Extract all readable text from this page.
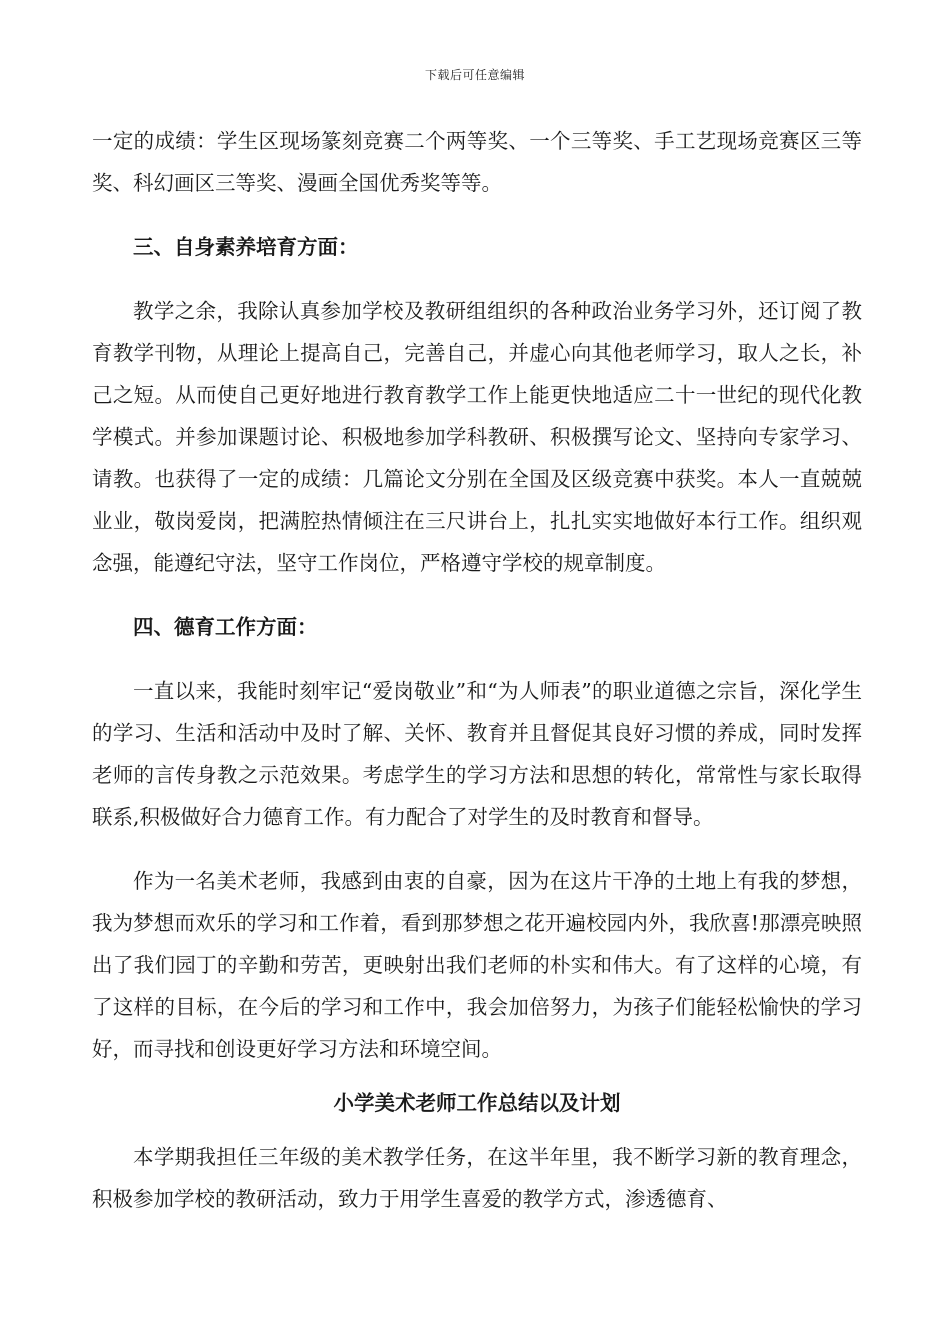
下载后可任意编辑

一定的成绩：学生区现场篆刻竞赛二个两等奖、一个三等奖、手工艺现场竞赛区三等奖、科幻画区三等奖、漫画全国优秀奖等等。

三、自身素养培育方面：

教学之余，我除认真参加学校及教研组组织的各种政治业务学习外，还订阅了教育教学刊物，从理论上提高自己，完善自己，并虚心向其他老师学习，取人之长，补己之短。从而使自己更好地进行教育教学工作上能更快地适应二十一世纪的现代化教学模式。并参加课题讨论、积极地参加学科教研、积极撰写论文、坚持向专家学习、请教。也获得了一定的成绩：几篇论文分别在全国及区级竞赛中获奖。本人一直兢兢业业，敬岗爱岗，把满腔热情倾注在三尺讲台上，扎扎实实地做好本行工作。组织观念强，能遵纪守法，坚守工作岗位，严格遵守学校的规章制度。

四、德育工作方面：

一直以来，我能时刻牢记“爱岗敬业”和“为人师表”的职业道德之宗旨，深化学生的学习、生活和活动中及时了解、关怀、教育并且督促其良好习惯的养成，同时发挥老师的言传身教之示范效果。考虑学生的学习方法和思想的转化，常常性与家长取得联系,积极做好合力德育工作。有力配合了对学生的及时教育和督导。

作为一名美术老师，我感到由衷的自豪，因为在这片干净的土地上有我的梦想，我为梦想而欢乐的学习和工作着，看到那梦想之花开遍校园内外，我欣喜!那漂亮映照出了我们园丁的辛勤和劳苦，更映射出我们老师的朴实和伟大。有了这样的心境，有了这样的目标，在今后的学习和工作中，我会加倍努力，为孩子们能轻松愉快的学习好，而寻找和创设更好学习方法和环境空间。

小学美术老师工作总结以及计划

本学期我担任三年级的美术教学任务，在这半年里，我不断学习新的教育理念，积极参加学校的教研活动，致力于用学生喜爱的教学方式，渗透德育、
